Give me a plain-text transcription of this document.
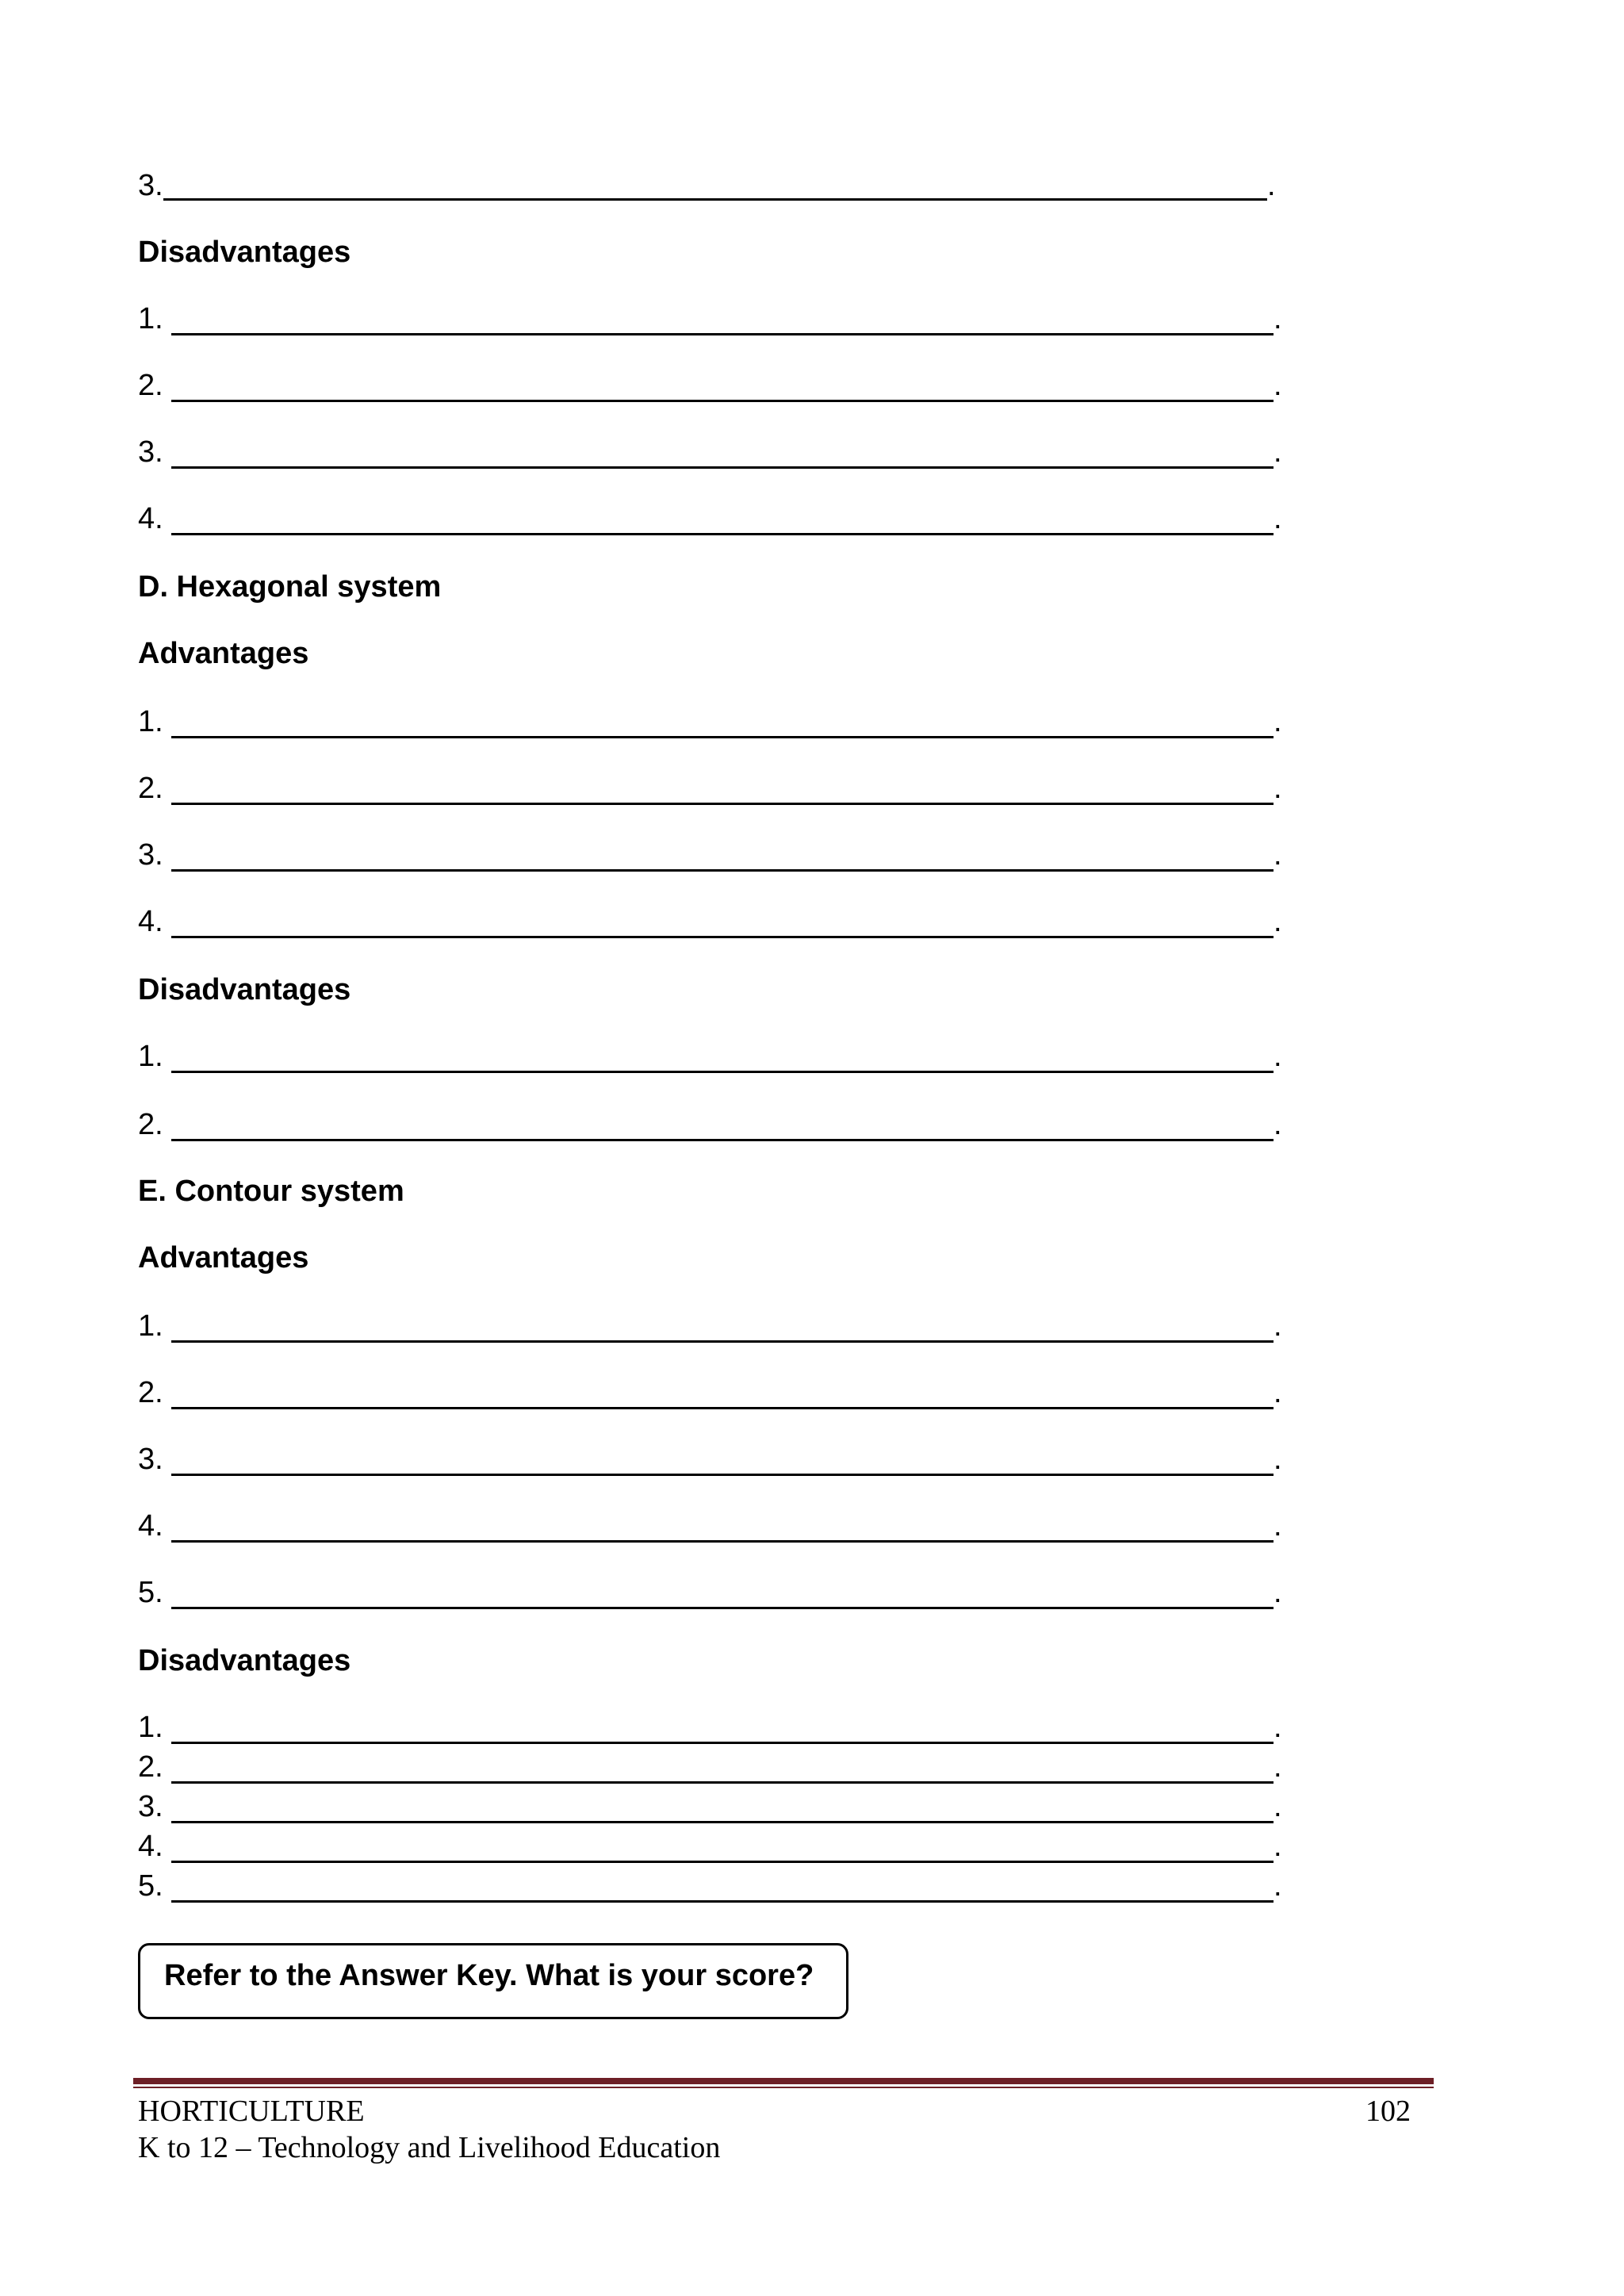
3.	.
Disadvantages
1.	.
2.	.
3.	.
4.	.
D. Hexagonal system
Advantages
1.	.
2.	.
3.	.
4.	.
Disadvantages
1.	.
2.	.
E. Contour system
Advantages
1.	.
2.	.
3.	.
4.	.
5.	.
Disadvantages
1.	.
2.	.
3.	.
4.	.
5.	.
Refer to the Answer Key. What is your score?
HORTICULTURE
K to 12 – Technology and Livelihood Education
102
